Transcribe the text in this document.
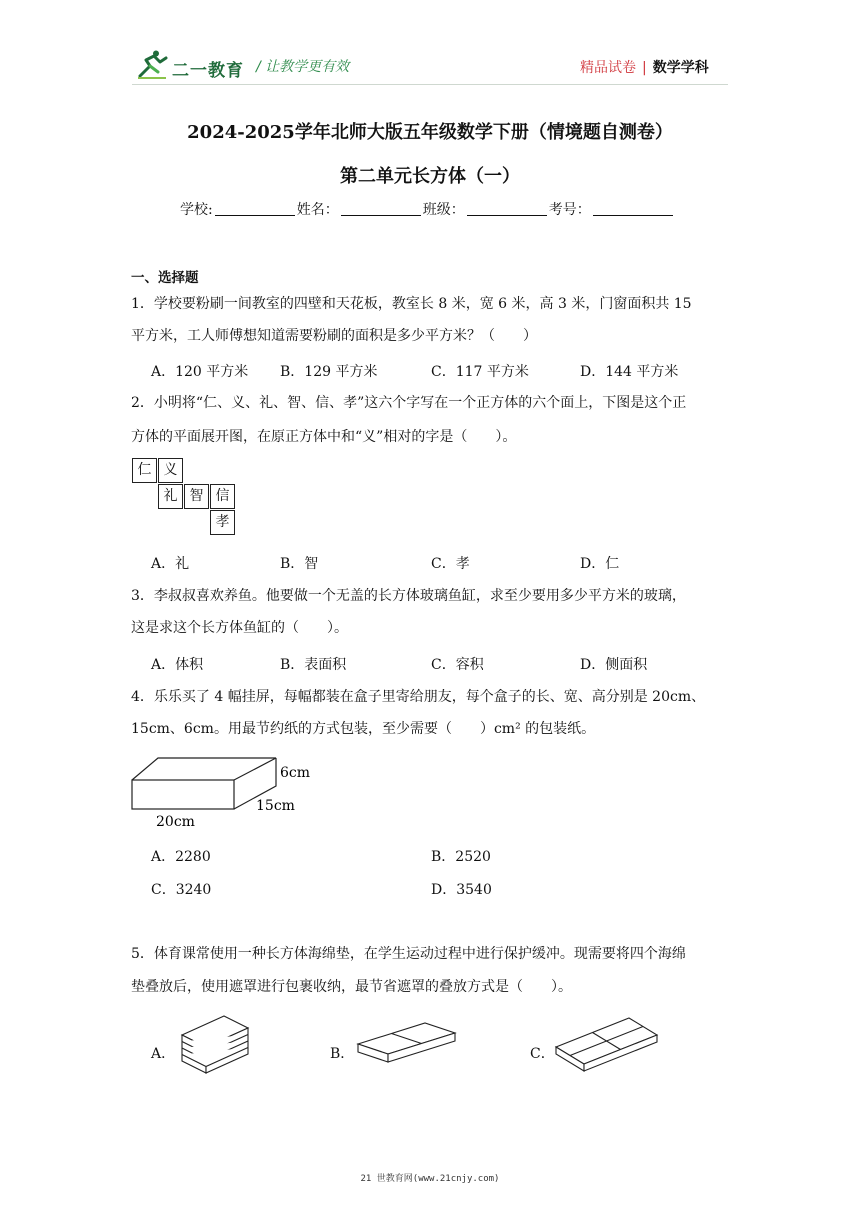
二一教育 / 让教学更有效	精品试卷 | 数学学科
2024-2025学年北师大版五年级数学下册（情境题自测卷）
第二单元长方体（一）
学校:	姓名：	班级：	考号：
一、选择题
1．学校要粉刷一间教室的四壁和天花板，教室长 8 米，宽 6 米，高 3 米，门窗面积共 15
平方米，工人师傅想知道需要粉刷的面积是多少平方米？（　　）
A．120 平方米 B．129 平方米	C．117 平方米	D．144 平方米
2．小明将“仁、义、礼、智、信、孝”这六个字写在一个正方体的六个面上，下图是这个正
方体的平面展开图，在原正方体中和“义”相对的字是（　　）。
仁 义
礼 智 信
孝
A．礼	B．智	C．孝	D．仁
3．李叔叔喜欢养鱼。他要做一个无盖的长方体玻璃鱼缸，求至少要用多少平方米的玻璃，
这是求这个长方体鱼缸的（　　）。
A．体积	B．表面积	C．容积	D．侧面积
4．乐乐买了 4 幅挂屏，每幅都装在盒子里寄给朋友，每个盒子的长、宽、高分别是 20cm、
15cm、6cm。用最节约纸的方式包装，至少需要（　　）cm² 的包装纸。
6cm
15cm
20cm
A．2280	B．2520
C．3240	D．3540
5．体育课常使用一种长方体海绵垫，在学生运动过程中进行保护缓冲。现需要将四个海绵
垫叠放后，使用遮罩进行包裹收纳，最节省遮罩的叠放方式是（　　）。
A．	B．	C．
21 世教育网(www.21cnjy.com)
